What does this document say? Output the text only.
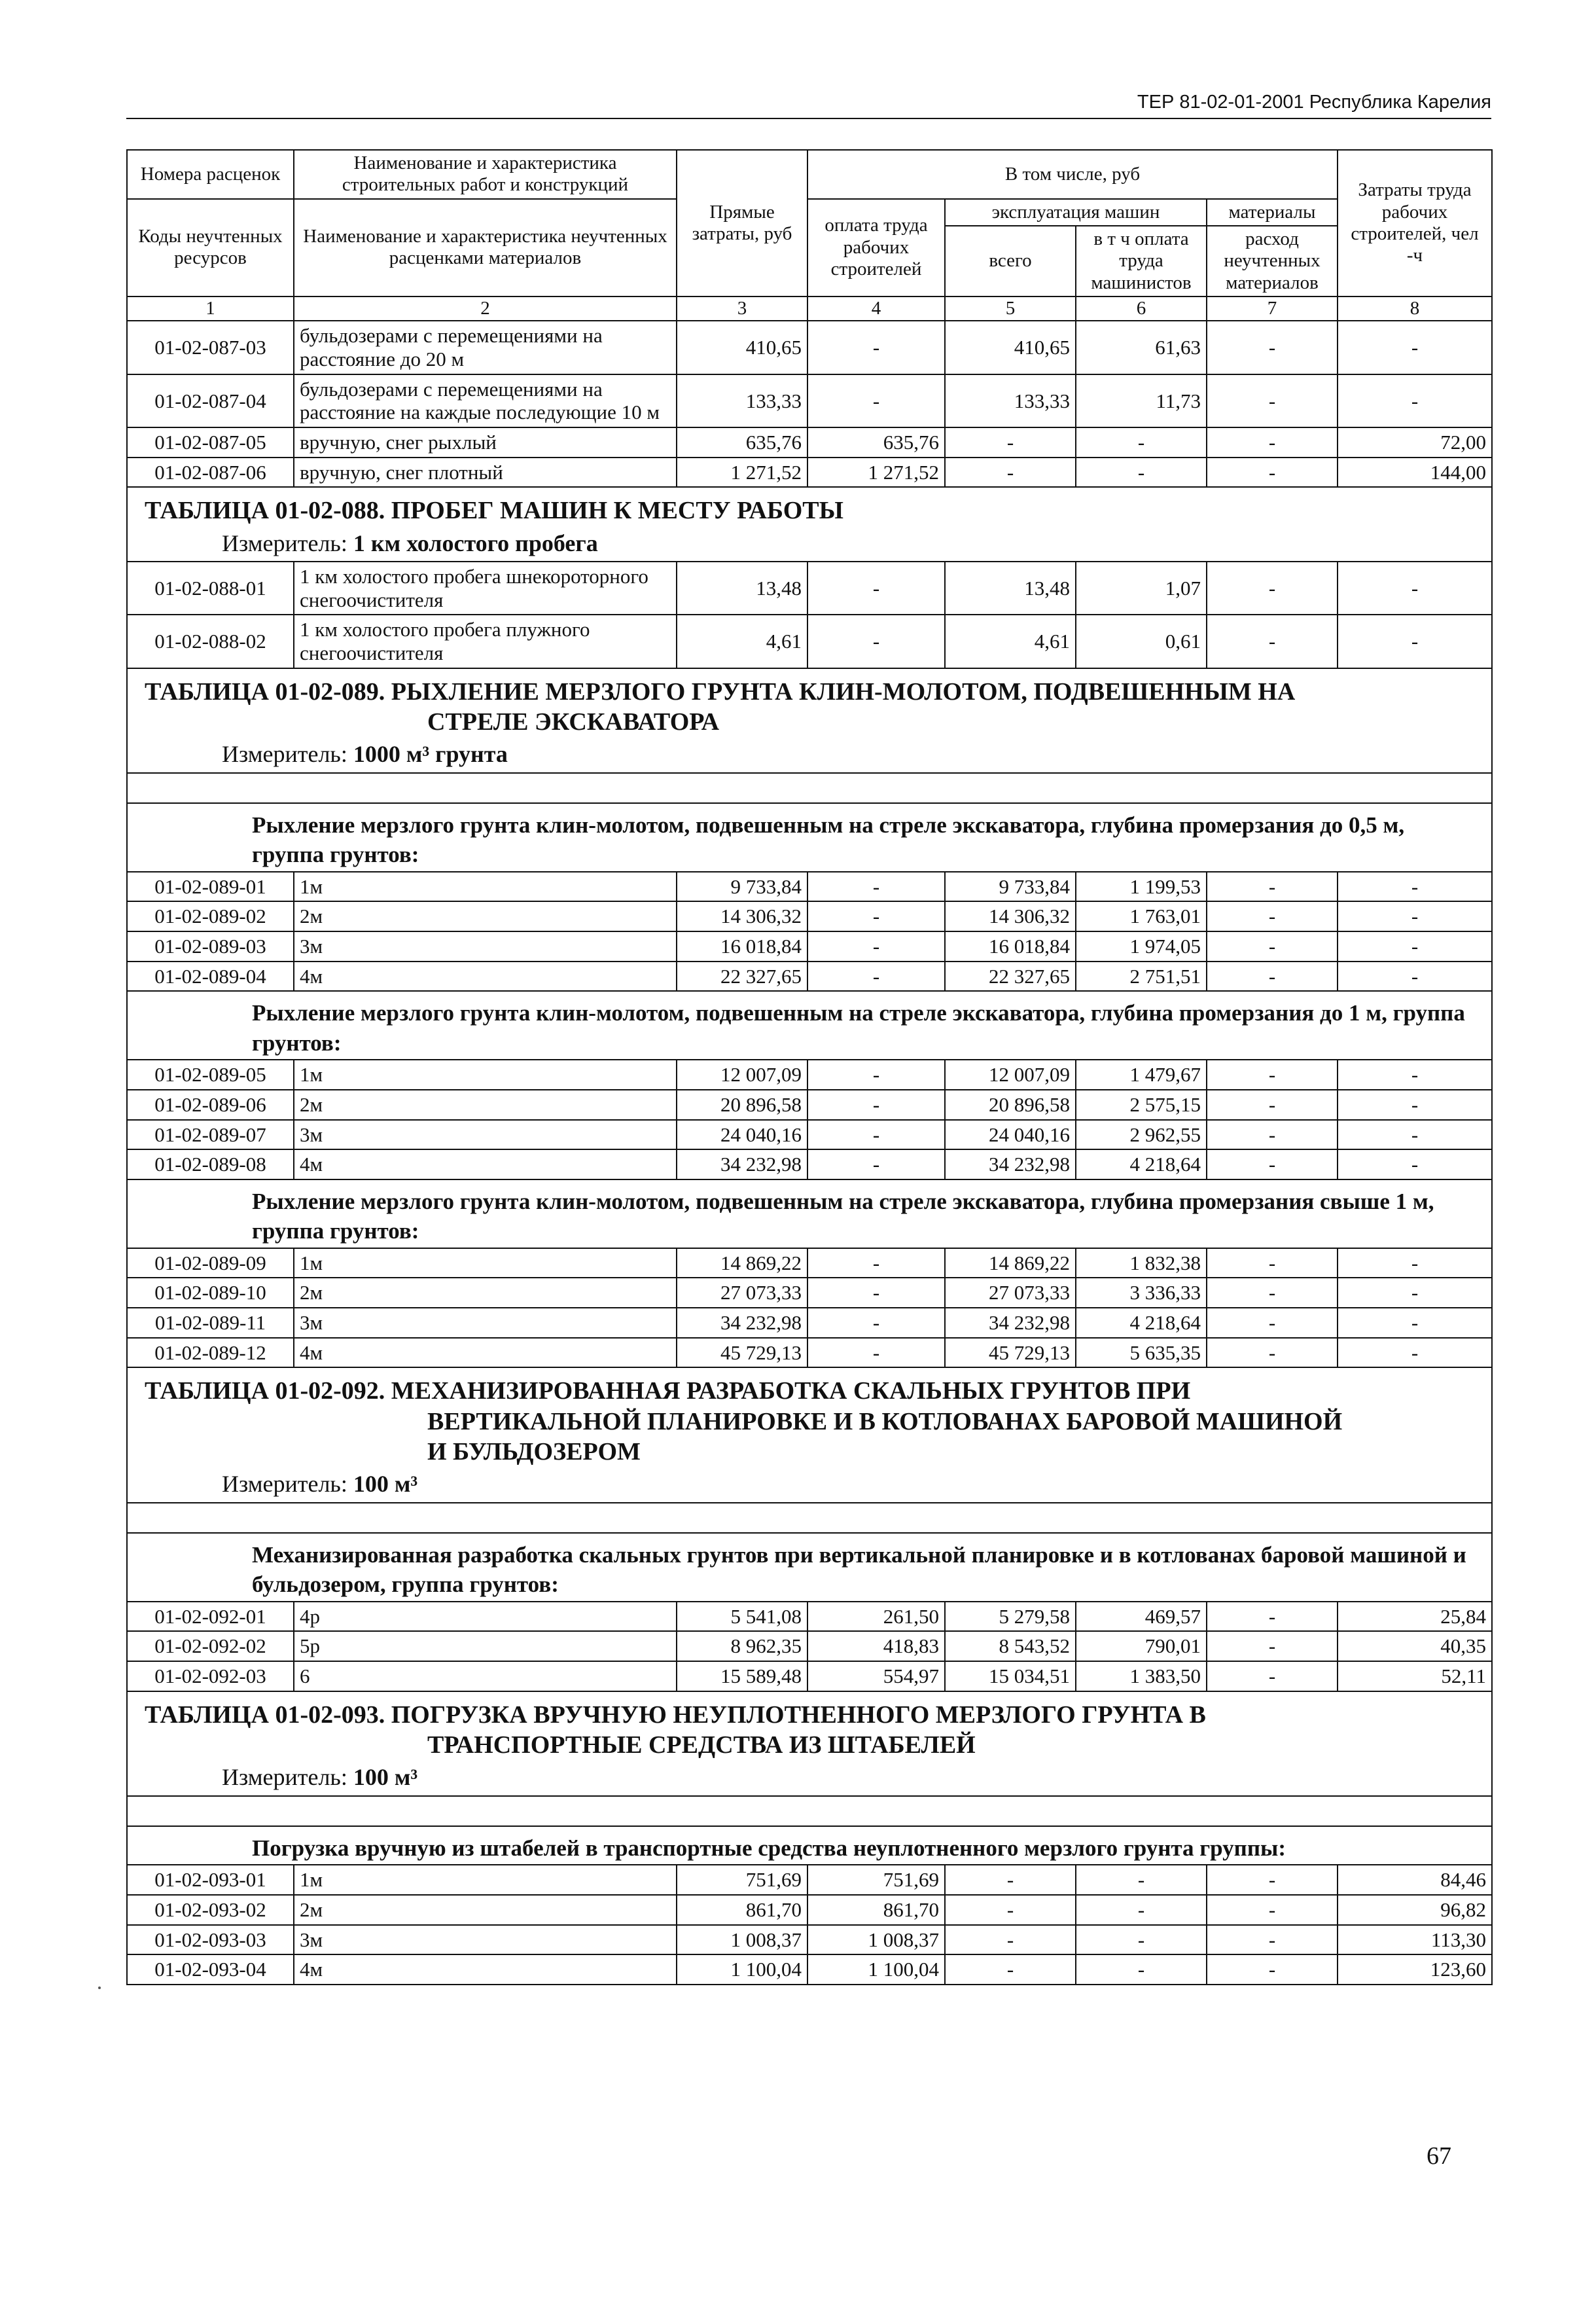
ТЕР 81-02-01-2001 Республика Карелия
Номера расценок	Наименование и характеристика строительных работ и конструкций	Прямые затраты, руб	В том числе, руб				Затраты труда рабочих строителей, чел -ч
Коды неучтенных ресурсов	Наименование и характеристика неучтенных расценками материалов		оплата труда рабочих строителей	эксплуатация машин		материалы	
				всего	в т ч оплата труда машинистов	расход неучтенных материалов	

1	2	3	4	5	6	7	8
01-02-087-03	бульдозерами с перемещениями на расстояние до 20 м	410,65	-	410,65	61,63	-	-
01-02-087-04	бульдозерами с перемещениями на расстояние на каждые последующие 10 м	133,33	-	133,33	11,73	-	-
01-02-087-05	вручную, снег рыхлый	635,76	635,76	-	-	-	72,00
01-02-087-06	вручную, снег плотный	1 271,52	1 271,52	-	-	-	144,00

ТАБЛИЦА 01-02-088. ПРОБЕГ МАШИН К МЕСТУ РАБОТЫ
Измеритель: 1 км холостого пробега							

01-02-088-01	1 км холостого пробега шнекороторного снегоочистителя	13,48	-	13,48	1,07	-	-
01-02-088-02	1 км холостого пробега плужного снегоочистителя	4,61	-	4,61	0,61	-	-

ТАБЛИЦА 01-02-089. РЫХЛЕНИЕ МЕРЗЛОГО ГРУНТА КЛИН-МОЛОТОМ, ПОДВЕШЕННЫМ НА
СТРЕЛЕ ЭКСКАВАТОРА
Измеритель: 1000 м³ грунта							

Рыхление мерзлого грунта клин-молотом, подвешенным на стреле экскаватора, глубина промерзания до 0,5 м, группа грунтов:							
01-02-089-01	1м	9 733,84	-	9 733,84	1 199,53	-	-
01-02-089-02	2м	14 306,32	-	14 306,32	1 763,01	-	-
01-02-089-03	3м	16 018,84	-	16 018,84	1 974,05	-	-
01-02-089-04	4м	22 327,65	-	22 327,65	2 751,51	-	-
Рыхление мерзлого грунта клин-молотом, подвешенным на стреле экскаватора, глубина промерзания до 1 м, группа грунтов:							
01-02-089-05	1м	12 007,09	-	12 007,09	1 479,67	-	-
01-02-089-06	2м	20 896,58	-	20 896,58	2 575,15	-	-
01-02-089-07	3м	24 040,16	-	24 040,16	2 962,55	-	-
01-02-089-08	4м	34 232,98	-	34 232,98	4 218,64	-	-
Рыхление мерзлого грунта клин-молотом, подвешенным на стреле экскаватора, глубина промерзания свыше 1 м, группа грунтов:							
01-02-089-09	1м	14 869,22	-	14 869,22	1 832,38	-	-
01-02-089-10	2м	27 073,33	-	27 073,33	3 336,33	-	-
01-02-089-11	3м	34 232,98	-	34 232,98	4 218,64	-	-
01-02-089-12	4м	45 729,13	-	45 729,13	5 635,35	-	-

ТАБЛИЦА 01-02-092. МЕХАНИЗИРОВАННАЯ РАЗРАБОТКА СКАЛЬНЫХ ГРУНТОВ ПРИ
ВЕРТИКАЛЬНОЙ ПЛАНИРОВКЕ И В КОТЛОВАНАХ БАРОВОЙ МАШИНОЙ
И БУЛЬДОЗЕРОМ
Измеритель: 100 м³							

Механизированная разработка скальных грунтов при вертикальной планировке и в котлованах баровой машиной и бульдозером, группа грунтов:							
01-02-092-01	4р	5 541,08	261,50	5 279,58	469,57	-	25,84
01-02-092-02	5р	8 962,35	418,83	8 543,52	790,01	-	40,35
01-02-092-03	6	15 589,48	554,97	15 034,51	1 383,50	-	52,11

ТАБЛИЦА 01-02-093. ПОГРУЗКА ВРУЧНУЮ НЕУПЛОТНЕННОГО МЕРЗЛОГО ГРУНТА В
ТРАНСПОРТНЫЕ СРЕДСТВА ИЗ ШТАБЕЛЕЙ
Измеритель: 100 м³							

Погрузка вручную из штабелей в транспортные средства неуплотненного мерзлого грунта группы:							
01-02-093-01	1м	751,69	751,69	-	-	-	84,46
01-02-093-02	2м	861,70	861,70	-	-	-	96,82
01-02-093-03	3м	1 008,37	1 008,37	-	-	-	113,30
01-02-093-04	4м	1 100,04	1 100,04	-	-	-	123,60
67
